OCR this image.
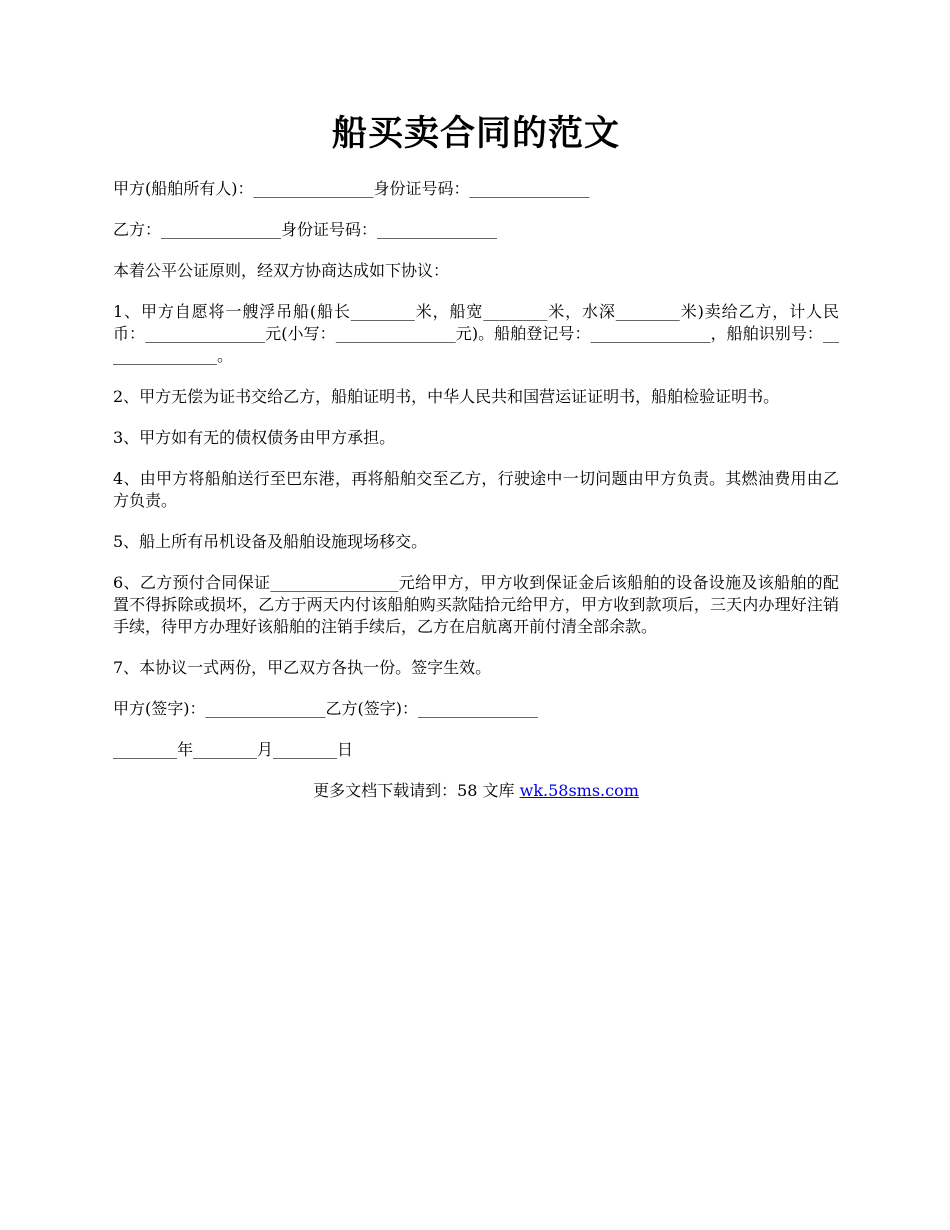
船买卖合同的范文

甲方(船舶所有人)：_______________身份证号码：_______________

乙方：_______________身份证号码：_______________

本着公平公证原则，经双方协商达成如下协议：

1、甲方自愿将一艘浮吊船(船长________米，船宽________米，水深________米)卖给乙方，计人民币：_______________元(小写：_______________元)。船舶登记号：_______________，船舶识别号：_______________。

2、甲方无偿为证书交给乙方，船舶证明书，中华人民共和国营运证证明书，船舶检验证明书。

3、甲方如有无的债权债务由甲方承担。

4、由甲方将船舶送行至巴东港，再将船舶交至乙方，行驶途中一切问题由甲方负责。其燃油费用由乙方负责。

5、船上所有吊机设备及船舶设施现场移交。

6、乙方预付合同保证________________元给甲方，甲方收到保证金后该船舶的设备设施及该船舶的配置不得拆除或损坏，乙方于两天内付该船舶购买款陆拾元给甲方，甲方收到款项后，三天内办理好注销手续，待甲方办理好该船舶的注销手续后，乙方在启航离开前付清全部余款。

7、本协议一式两份，甲乙双方各执一份。签字生效。

甲方(签字)：_______________乙方(签字)：_______________

________年________月________日

更多文档下载请到：58 文库 wk.58sms.com
